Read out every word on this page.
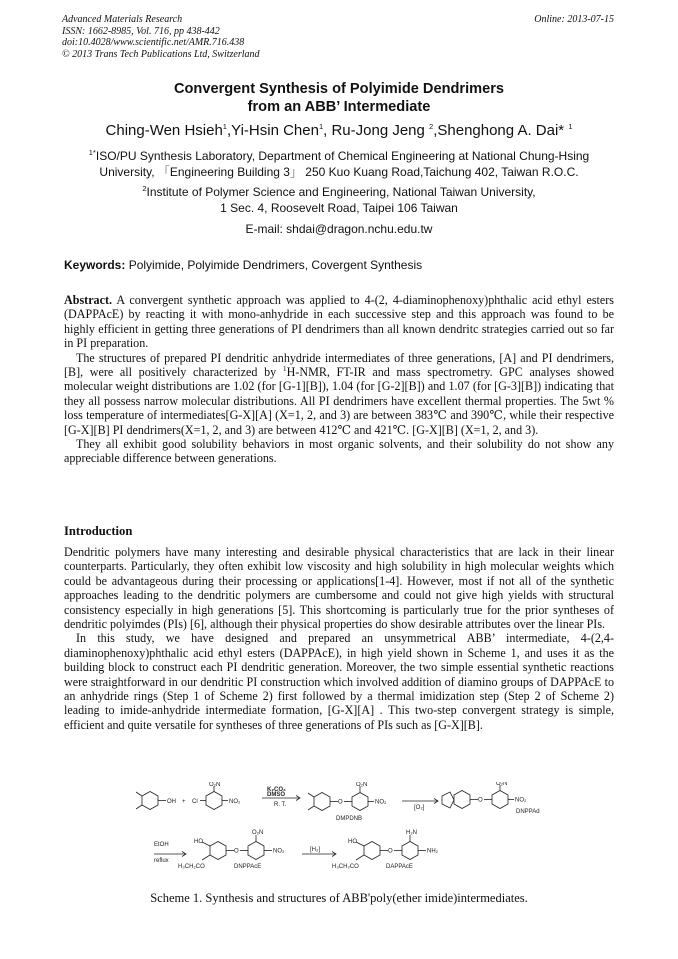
Advanced Materials Research
ISSN: 1662-8985, Vol. 716, pp 438-442
doi:10.4028/www.scientific.net/AMR.716.438
© 2013 Trans Tech Publications Ltd, Switzerland
Online: 2013-07-15
Convergent Synthesis of Polyimide Dendrimers
from an ABB’ Intermediate
Ching-Wen Hsieh$^1$,Yi-Hsin Chen$^1$, Ru-Jong Jeng $^2$,Shenghong A. Dai* $^1$
$^{1*}$ISO/PU Synthesis Laboratory, Department of Chemical Engineering at National Chung-Hsing
University, 「Engineering Building 3」 250 Kuo Kuang Road,Taichung 402, Taiwan R.O.C.
$^2$Institute of Polymer Science and Engineering, National Taiwan University,
1 Sec. 4, Roosevelt Road, Taipei 106 Taiwan
E-mail: shdai@dragon.nchu.edu.tw
Keywords: Polyimide, Polyimide Dendrimers, Covergent Synthesis

Abstract. A convergent synthetic approach was applied to 4-(2, 4-diaminophenoxy)phthalic acid ethyl esters (DAPPAcE) by reacting it with mono-anhydride in each successive step and this approach was found to be highly efficient in getting three generations of PI dendrimers than all known dendritc strategies carried out so far in PI preparation.

The structures of prepared PI dendritic anhydride intermediates of three generations, [A] and PI dendrimers, [B], were all positively characterized by $^1$H-NMR, FT-IR and mass spectrometry. GPC analyses showed molecular weight distributions are 1.02 (for [G-1][B]), 1.04 (for [G-2][B]) and 1.07 (for [G-3][B]) indicating that they all possess narrow molecular distributions. All PI dendrimers have excellent thermal properties. The 5wt % loss temperature of intermediates[G-X][A] (X=1, 2, and 3) are between 383℃ and 390℃, while their respective [G-X][B] PI dendrimers(X=1, 2, and 3) are between 412℃ and 421℃. [G-X][B] (X=1, 2, and 3).

They all exhibit good solubility behaviors in most organic solvents, and their solubility do not show any appreciable difference between generations.

Introduction

Dendritic polymers have many interesting and desirable physical characteristics that are lack in their linear counterparts. Particularly, they often exhibit low viscosity and high solubility in high molecular weights which could be advantageous during their processing or applications[1-4]. However, most if not all of the synthetic approaches leading to the dendritic polymers are cumbersome and could not give high yields with structural consistency especially in high generations [5]. This shortcoming is particularly true for the prior syntheses of dendritic polyimdes (PIs) [6], although their physical properties do show desirable attributes over the linear PIs.

In this study, we have designed and prepared an unsymmetrical ABB’ intermediate, 4-(2,4-diaminophenoxy)phthalic acid ethyl esters (DAPPAcE), in high yield shown in Scheme 1, and uses it as the building block to construct each PI dendritic generation. Moreover, the two simple essential synthetic reactions were straightforward in our dendritic PI construction which involved addition of diamino groups of DAPPAcE to an anhydride rings (Step 1 of Scheme 2) first followed by a thermal imidization step (Step 2 of Scheme 2) leading to imide-anhydride intermediate formation, [G-X][A] . This two-step convergent strategy is simple, efficient and quite versatile for syntheses of three generations of PIs such as [G-X][B].

OH + Cl	NO₂
O₂N
K₂CO₃
DMSO
R. T.	O
O₂N
NO₂
DMPDNB
[O₂]
O
O₂N
NO₂
DNPPAd
EtOH
reflux
HO
H₃CH₂CO
O
O₂N
NO₂
DNPPAcE
[H₂]
HO
H₃CH₂CO
O
H₂N
NH₂
DAPPAcE
Scheme 1. Synthesis and structures of ABB'poly(ether imide)intermediates.
